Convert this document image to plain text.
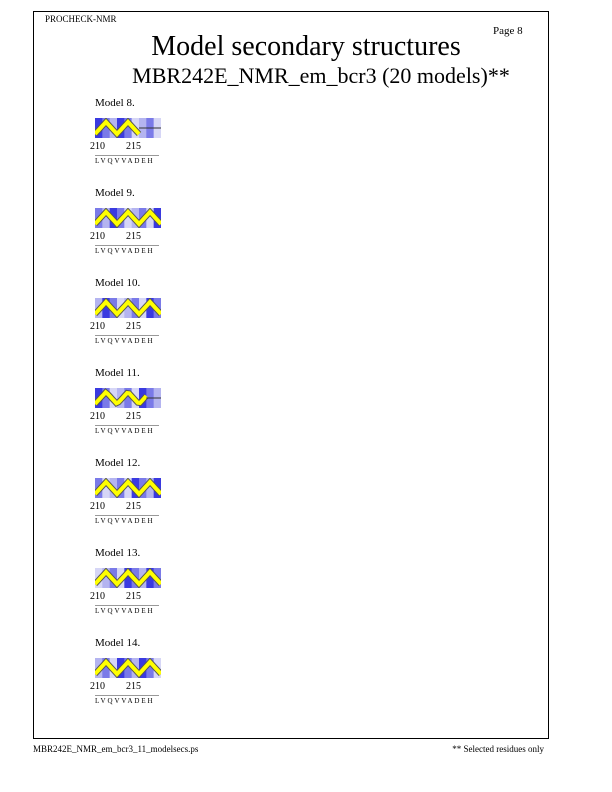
PROCHECK-NMR
Page 8
Model secondary structures
MBR242E_NMR_em_bcr3 (20 models)**
Model 8.
210 215
LVQVVADEH
Model 9.
210 215
LVQVVADEH
Model 10.
210 215
LVQVVADEH
Model 11.
210 215
LVQVVADEH
Model 12.
210 215
LVQVVADEH
Model 13.
210 215
LVQVVADEH
Model 14.
210 215
LVQVVADEH
MBR242E_NMR_em_bcr3_11_modelsecs.ps	** Selected residues only
